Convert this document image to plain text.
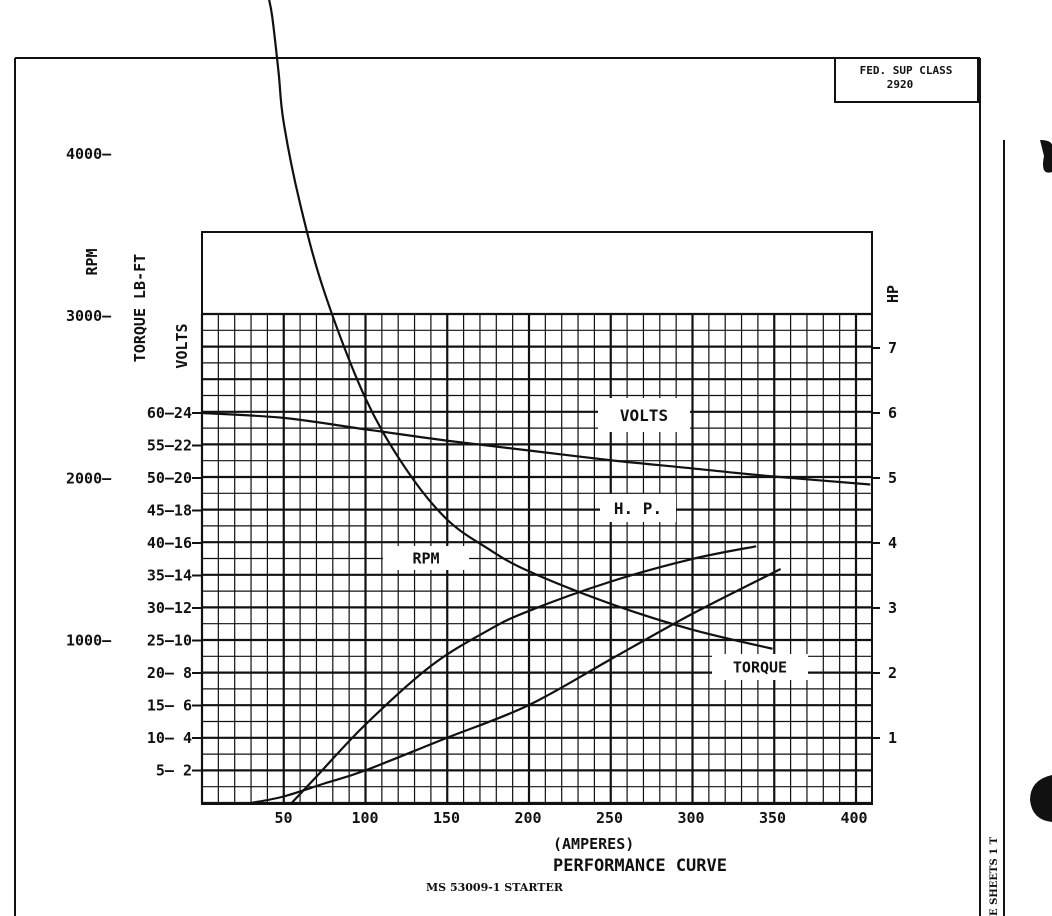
FED. SUP CLASS
2920
VOLTS
RPM
H. P.
TORQUE
4000–
3000–
2000–
1000–
60–24
55–22
50–20
45–18
40–16
35–14
30–12
25–10
20– 8
15– 6
10– 4
5– 2
7
6
5
4
3
2
1
50	100	150	200	250	300	350	400
RPM TORQUE LB-FT VOLTS
HP
(AMPERES)
PERFORMANCE CURVE
MS 53009-1 STARTER	E SHEETS 1 T
